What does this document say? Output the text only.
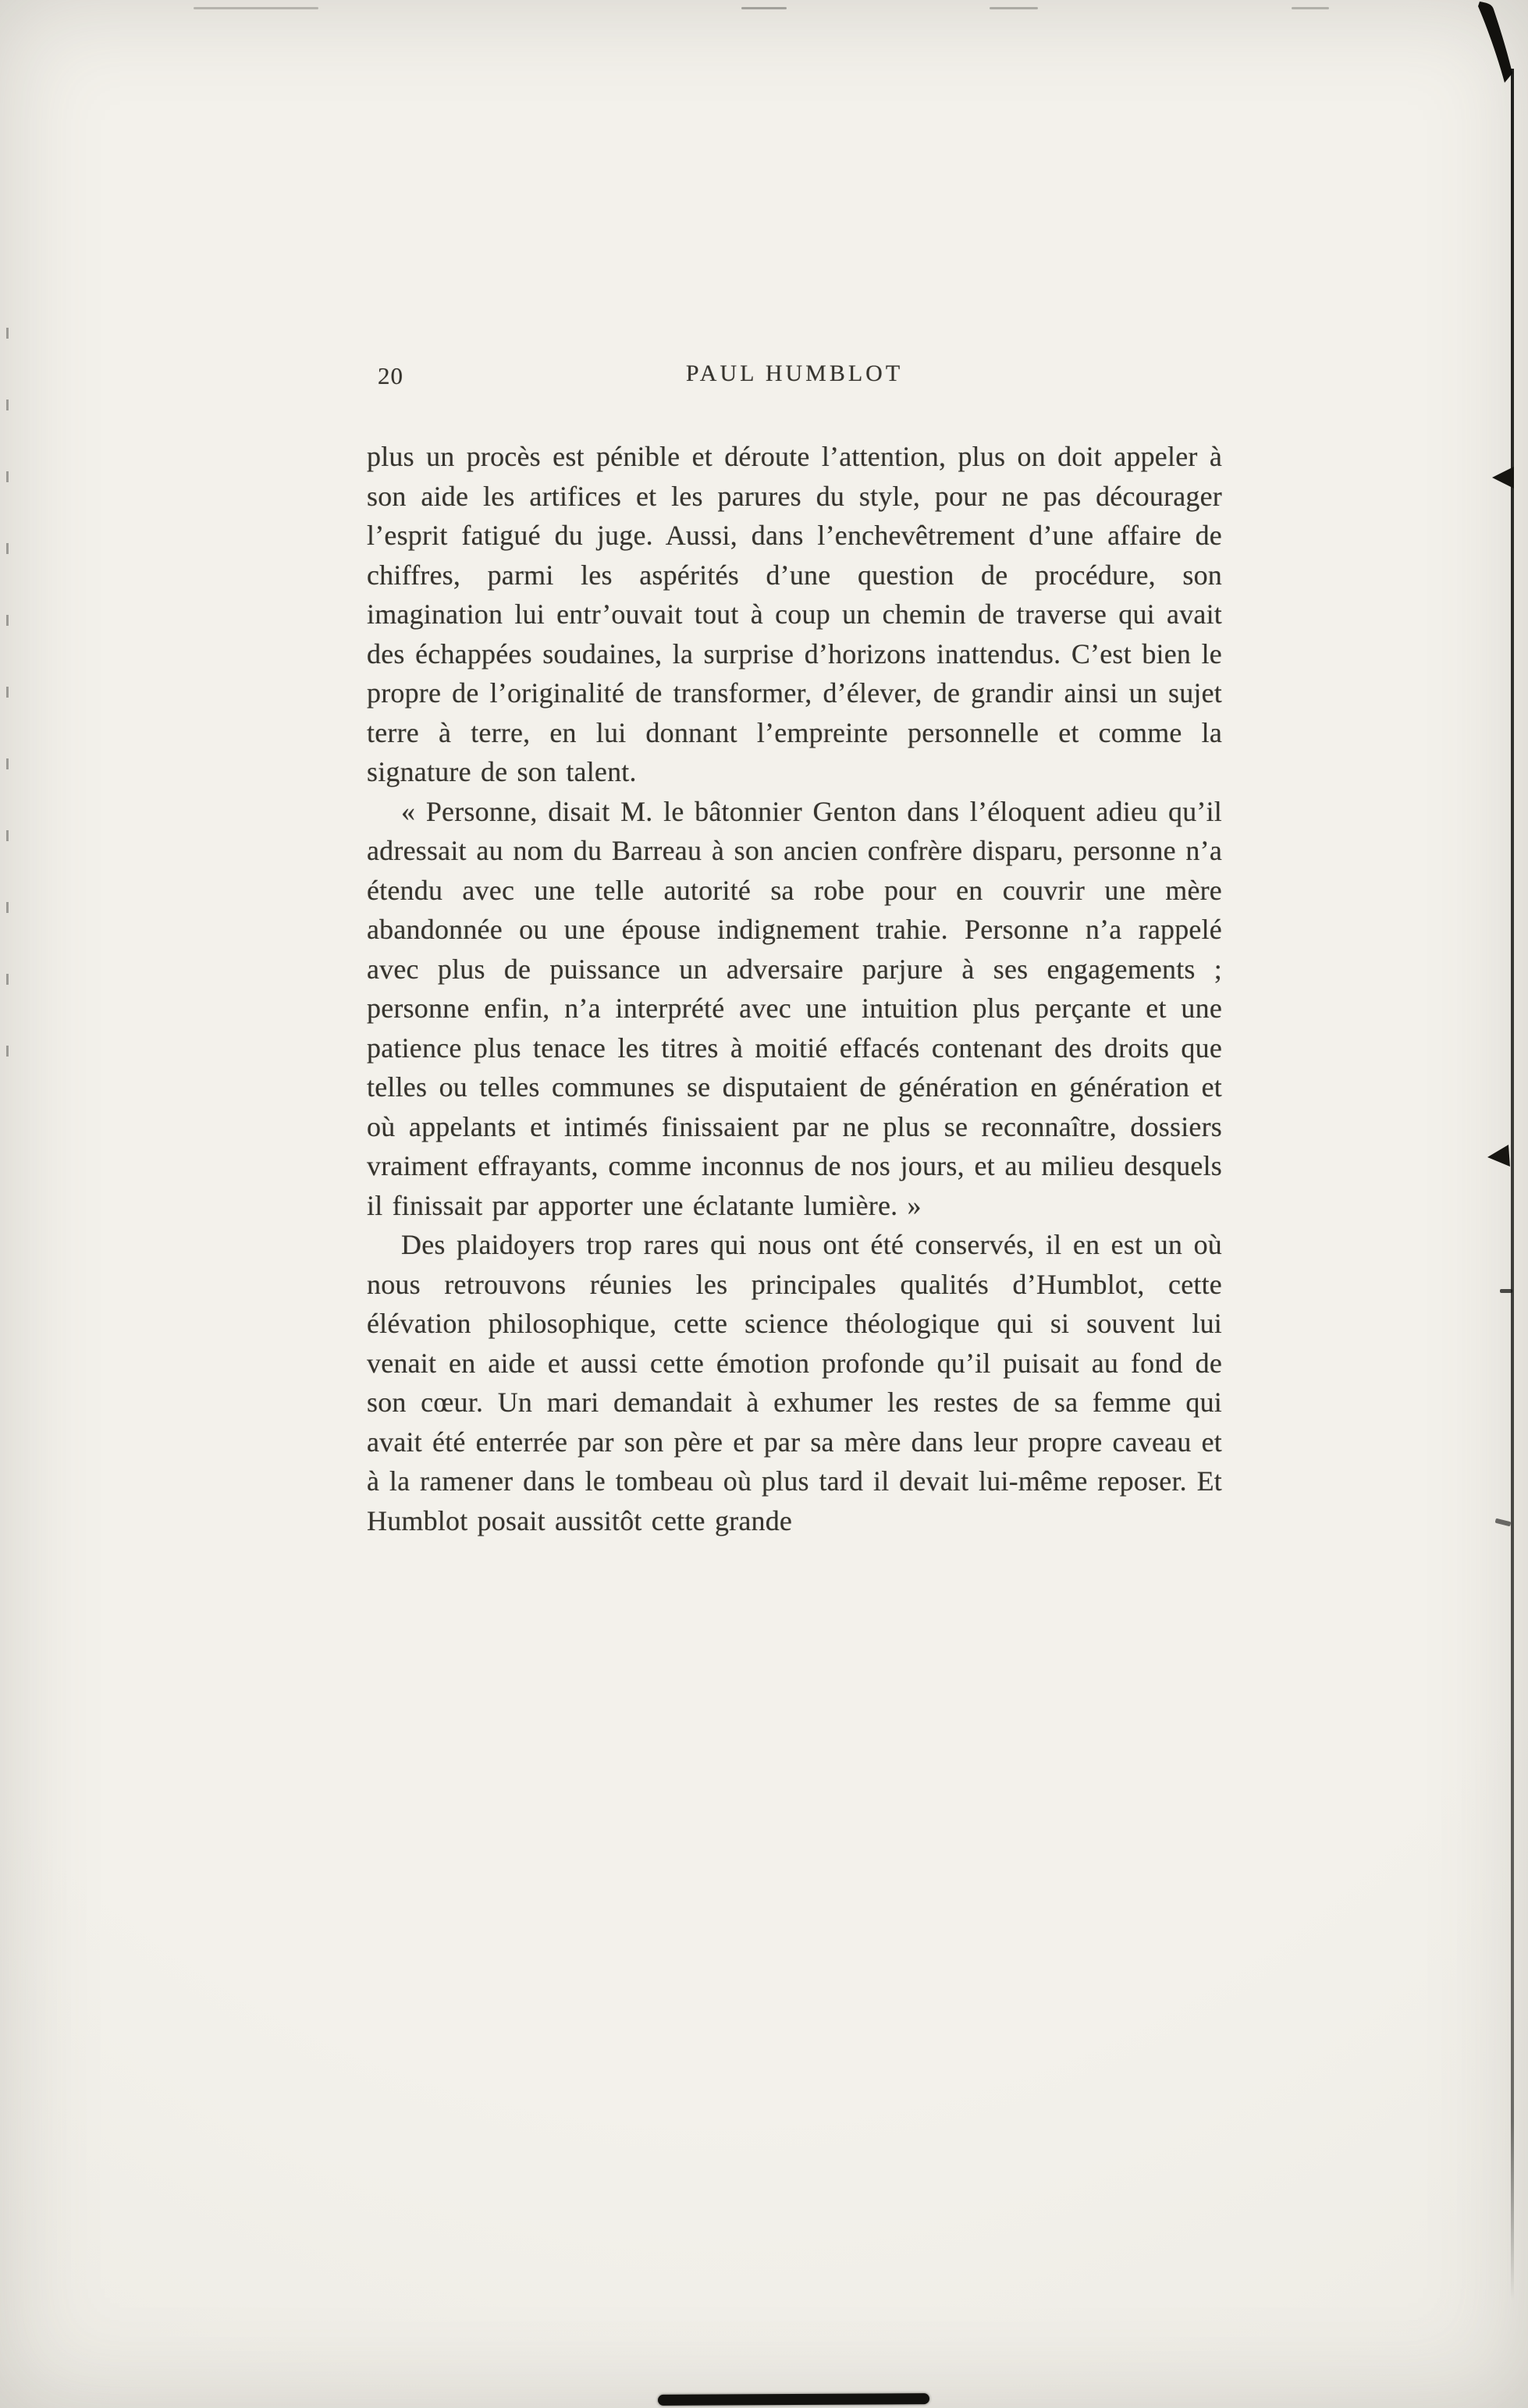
20	PAUL HUMBLOT

plus un procès est pénible et déroute l’attention, plus on doit appeler à son aide les artifices et les parures du style, pour ne pas décourager l’esprit fatigué du juge. Aussi, dans l’enchevêtrement d’une affaire de chiffres, parmi les aspérités d’une question de procédure, son imagination lui entr’ouvait tout à coup un chemin de traverse qui avait des échappées soudaines, la surprise d’horizons inattendus. C’est bien le propre de l’originalité de transformer, d’élever, de grandir ainsi un sujet terre à terre, en lui donnant l’empreinte personnelle et comme la signature de son talent.

« Personne, disait M. le bâtonnier Genton dans l’éloquent adieu qu’il adressait au nom du Barreau à son ancien confrère disparu, personne n’a étendu avec une telle autorité sa robe pour en couvrir une mère abandonnée ou une épouse indignement trahie. Personne n’a rappelé avec plus de puissance un adversaire parjure à ses engagements ; personne enfin, n’a interprété avec une intuition plus perçante et une patience plus tenace les titres à moitié effacés contenant des droits que telles ou telles communes se disputaient de génération en génération et où appelants et intimés finissaient par ne plus se reconnaître, dossiers vraiment effrayants, comme inconnus de nos jours, et au milieu desquels il finissait par apporter une éclatante lumière. »

Des plaidoyers trop rares qui nous ont été conservés, il en est un où nous retrouvons réunies les principales qualités d’Humblot, cette élévation philosophique, cette science théologique qui si souvent lui venait en aide et aussi cette émotion profonde qu’il puisait au fond de son cœur. Un mari demandait à exhumer les restes de sa femme qui avait été enterrée par son père et par sa mère dans leur propre caveau et à la ramener dans le tombeau où plus tard il devait lui-même reposer. Et Humblot posait aussitôt cette grande
